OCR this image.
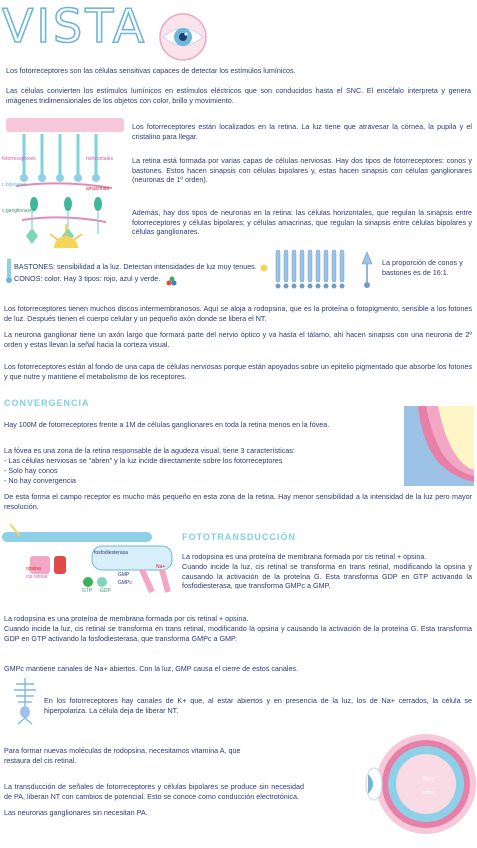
VISTA

Los fotorreceptores son las células sensitivas capaces de detectar los estímulos lumínicos.

Las células convierten los estímulos lumínicos en estímulos eléctricos que son conducidos hasta el SNC. El encéfalo interpreta y genera imágenes tridimensionales de los objetos con color, brillo y movimiento.

fotorreceptores	horizontales
c.bipolares
amacrinas
c.ganglionares

Los fotorreceptores están localizados en la retina. La luz tiene que atravesar la córnea, la pupila y el cristalino para llegar.

La retina está formada por varias capas de células nerviosas. Hay dos tipos de fotorreceptores: conos y bastones. Estos hacen sinapsis con células bipolares y, estas hacen sinapsis con células ganglionares (neuronas de 1º orden).

Además, hay dos tipos de neuronas en la retina: las células horizontales, que regulan la sinapsis entre fotorreceptores y células bipolares; y células amacrinas, que regulan la sinapsis entre células bipolares y células ganglionares.

BASTONES: sensibilidad a la luz. Detectan intensidades de luz muy tenues.

CONOS: color. Hay 3 tipos: rojo, azul y verde.

La proporción de conos y bastones es de 16:1.

Los fotorreceptores tienen muchos discos intermembranosos. Aquí se aloja a rodopsina, que es la proteína o fotopigmento, sensible a los fotones de luz. Después tienen el cuerpo celular y un pequeño axón donde se libera el NT.

La neurona ganglionar tiene un axón largo que formará parte del nervio óptico y va hasta el tálamo, ahí hacen sinapsis con una neurona de 2º orden y estas llevan la señal hacia la corteza visual.

Los fotorreceptores están al fondo de una capa de células nerviosas porque están apoyados sobre un epitelio pigmentado que absorbe los fotones y que nutre y mantiene el metabolismo de los receptores.

CONVERGENCIA

Hay 100M de fotorreceptores frente a 1M de células ganglionares en toda la retina menos en la fóvea.

La fóvea es una zona de la retina responsable de la agudeza visual, tiene 3 características:

- Las células nerviosas se "abren" y la luz incide directamente sobre los fotorreceptores

- Solo hay conos

- No hay convergencia

De esta forma el campo receptor es mucho más pequeño en esta zona de la retina. Hay menor sensibilidad a la intensidad de la luz pero mayor resolución.

FOTOTRANSDUCCIÓN
fosfodiesterasa
opsina
cis retinal
GTP GDP
GMP
GMPc
Na+

La rodopsina es una proteína de membrana formada por cis retinal + opsina.

Cuando incide la luz, cis retinal se transforma en trans retinal, modificando la opsina y causando la activación de la proteína G. Esta transforma GDP en GTP activando la fosfodiesterasa, que transforma GMPc a GMP.

La rodopsina es una proteína de membrana formada por cis retinal + opsina.

Cuando incide la luz, cis retinal se transforma en trans retinal, modificando la opsina y causando la activación de la proteína G. Esta transforma GDP en GTP activando la fosfodiesterasa, que transforma GMPc a GMP.

GMPc mantiene canales de Na+ abiertos. Con la luz, GMP causa el cierre de estos canales.

En los fotorreceptores hay canales de K+ que, al estar abiertos y en presencia de la luz, los de Na+ cerrados, la célula se hiperpolariza. La célula deja de liberar NT.

Para formar nuevas moléculas de rodopsina, necesitamos vitamina A, que restaura del cis retinal.

La transducción de señales de fotorreceptores y células bipolares se produce sin necesidad de PA, liberan NT con cambios de potencial. Esto se conoce como conducción electrotónica.

Las neuronas ganglionares sin necesitan PA.

fóvea
retina
